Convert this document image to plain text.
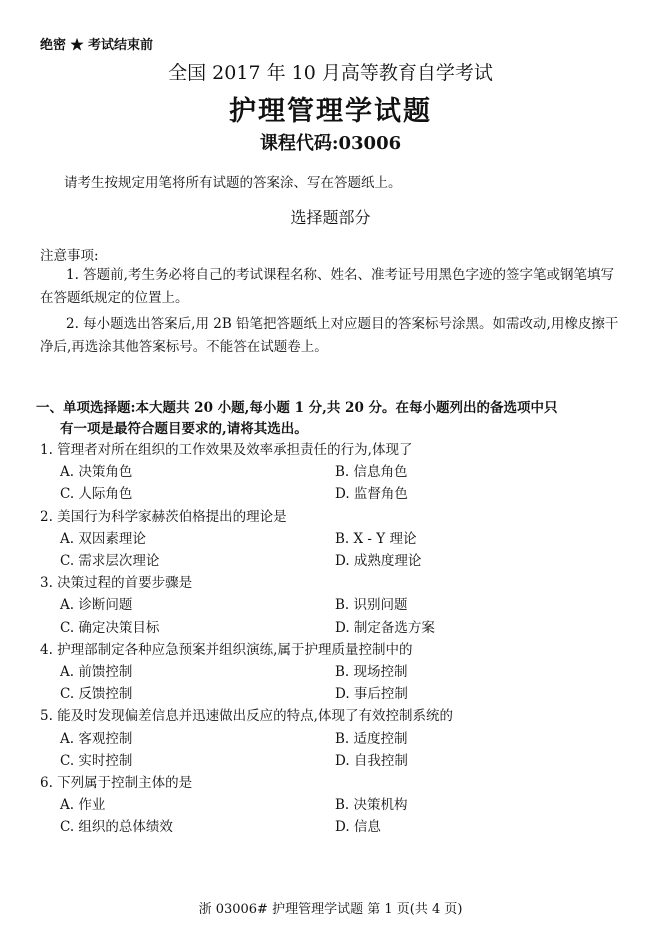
绝密 ★ 考试结束前
全国 2017 年 10 月高等教育自学考试
护理管理学试题
课程代码:03006
请考生按规定用笔将所有试题的答案涂、写在答题纸上。
选择题部分
注意事项:
1. 答题前,考生务必将自己的考试课程名称、姓名、准考证号用黑色字迹的签字笔或钢笔填写在答题纸规定的位置上。
2. 每小题选出答案后,用 2B 铅笔把答题纸上对应题目的答案标号涂黑。如需改动,用橡皮擦干净后,再选涂其他答案标号。不能答在试题卷上。
一、单项选择题:本大题共 20 小题,每小题 1 分,共 20 分。在每小题列出的备选项中只
有一项是最符合题目要求的,请将其选出。
1. 管理者对所在组织的工作效果及效率承担责任的行为,体现了
A. 决策角色	B. 信息角色
C. 人际角色	D. 监督角色
2. 美国行为科学家赫茨伯格提出的理论是
A. 双因素理论	B. X - Y 理论
C. 需求层次理论	D. 成熟度理论
3. 决策过程的首要步骤是
A. 诊断问题	B. 识别问题
C. 确定决策目标	D. 制定备选方案
4. 护理部制定各种应急预案并组织演练,属于护理质量控制中的
A. 前馈控制	B. 现场控制
C. 反馈控制	D. 事后控制
5. 能及时发现偏差信息并迅速做出反应的特点,体现了有效控制系统的
A. 客观控制	B. 适度控制
C. 实时控制	D. 自我控制
6. 下列属于控制主体的是
A. 作业	B. 决策机构
C. 组织的总体绩效	D. 信息
浙 03006# 护理管理学试题 第 1 页(共 4 页)
